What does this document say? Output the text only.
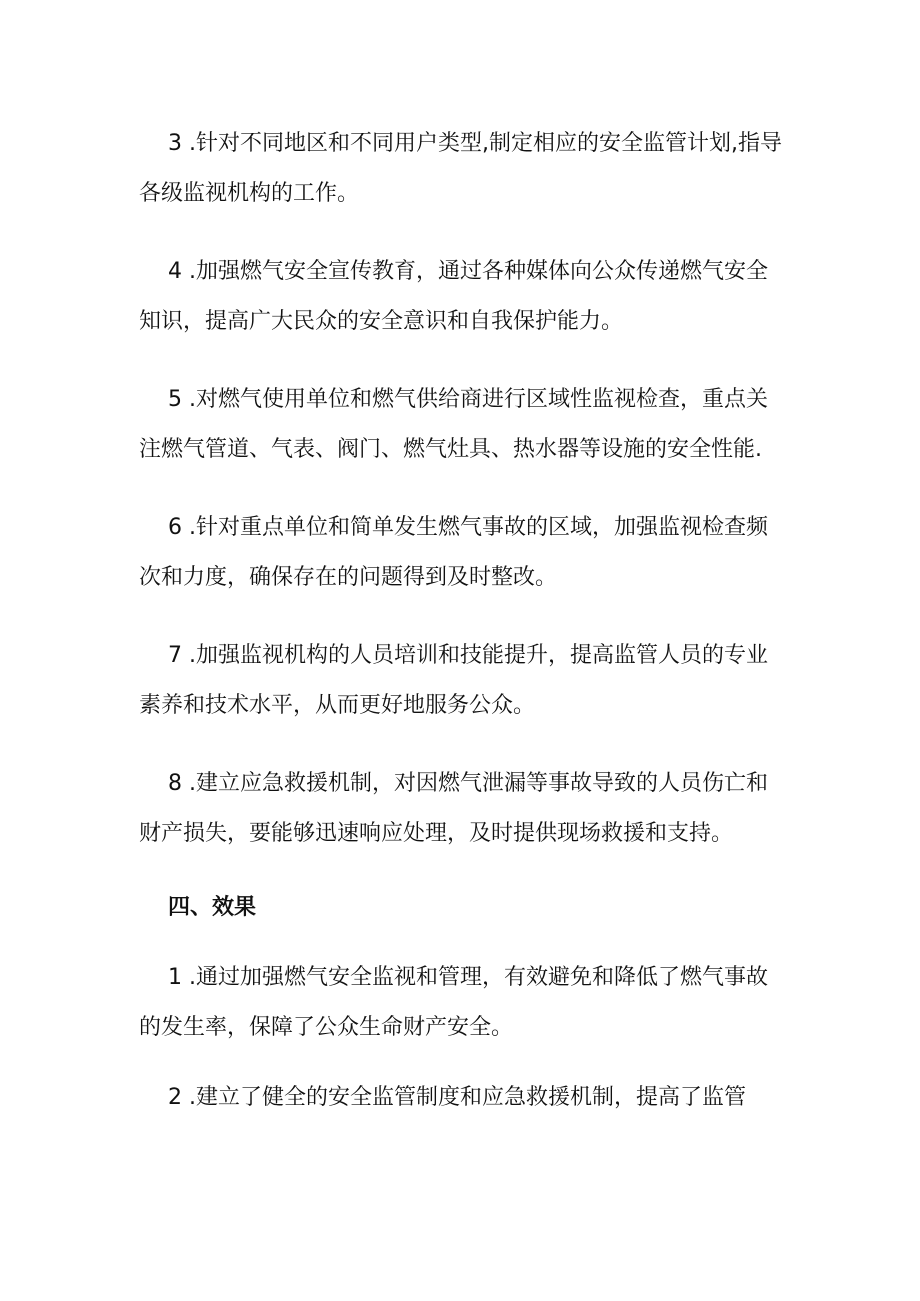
3 .针对不同地区和不同用户类型,制定相应的安全监管计划,指导各级监视机构的工作。

4 .加强燃气安全宣传教育，通过各种媒体向公众传递燃气安全知识，提高广大民众的安全意识和自我保护能力。

5 .对燃气使用单位和燃气供给商进行区域性监视检查，重点关注燃气管道、气表、阀门、燃气灶具、热水器等设施的安全性能.

6 .针对重点单位和简单发生燃气事故的区域，加强监视检查频次和力度，确保存在的问题得到及时整改。

7 .加强监视机构的人员培训和技能提升，提高监管人员的专业素养和技术水平，从而更好地服务公众。

8 .建立应急救援机制，对因燃气泄漏等事故导致的人员伤亡和财产损失，要能够迅速响应处理，及时提供现场救援和支持。

四、效果

1 .通过加强燃气安全监视和管理，有效避免和降低了燃气事故的发生率，保障了公众生命财产安全。

2 .建立了健全的安全监管制度和应急救援机制，提高了监管
